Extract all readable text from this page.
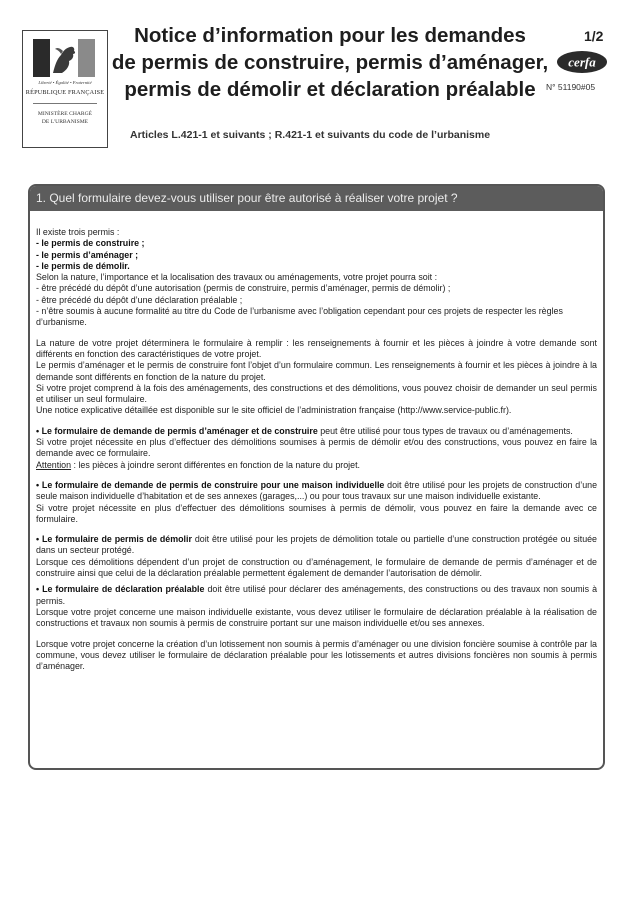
Liberté • Égalité • Fraternité
RÉPUBLIQUE FRANÇAISE
MINISTÈRE CHARGÉ
DE L'URBANISME
Notice d’information pour les demandes
de permis de construire, permis d’aménager,
permis de démolir et déclaration préalable
1/2
cerfa
N° 51190#05
Articles L.421-1 et suivants ; R.421-1 et suivants du code de l’urbanisme
1. Quel formulaire devez-vous utiliser pour être autorisé à réaliser votre projet ?

Il existe trois permis :
- le permis de construire ;
- le permis d’aménager ;
- le permis de démolir.
Selon la nature, l’importance et la localisation des travaux ou aménagements, votre projet pourra soit :
- être précédé du dépôt d’une autorisation (permis de construire, permis d’aménager, permis de démolir) ;
- être précédé du dépôt d’une déclaration préalable ;
- n’être soumis à aucune formalité au titre du Code de l’urbanisme avec l’obligation cependant pour ces projets de respecter les règles d’urbanisme.

La nature de votre projet déterminera le formulaire à remplir : les renseignements à fournir et les pièces à joindre à votre demande sont différents en fonction des caractéristiques de votre projet.
Le permis d’aménager et le permis de construire font l’objet d’un formulaire commun. Les renseignements à fournir et les pièces à joindre à la demande sont différents en fonction de la nature du projet.
Si votre projet comprend à la fois des aménagements, des constructions et des démolitions, vous pouvez choisir de demander un seul permis et utiliser un seul formulaire.
Une notice explicative détaillée est disponible sur le site officiel de l’administration française (http://www.service-public.fr).

• Le formulaire de demande de permis d’aménager et de construire peut être utilisé pour tous types de travaux ou d’aménagements.
Si votre projet nécessite en plus d’effectuer des démolitions soumises à permis de démolir et/ou des constructions, vous pouvez en faire la demande avec ce formulaire.
Attention : les pièces à joindre seront différentes en fonction de la nature du projet.

• Le formulaire de demande de permis de construire pour une maison individuelle doit être utilisé pour les projets de construction d’une seule maison individuelle d’habitation et de ses annexes (garages,...) ou pour tous travaux sur une maison individuelle existante.
Si votre projet nécessite en plus d’effectuer des démolitions soumises à permis de démolir, vous pouvez en faire la demande avec ce formulaire.

• Le formulaire de permis de démolir doit être utilisé pour les projets de démolition totale ou partielle d’une construction protégée ou située dans un secteur protégé.
Lorsque ces démolitions dépendent d’un projet de construction ou d’aménagement, le formulaire de demande de permis d’aménager et de construire ainsi que celui de la déclaration préalable permettent également de demander l’autorisation de démolir.

• Le formulaire de déclaration préalable doit être utilisé pour déclarer des aménagements, des constructions ou des travaux non soumis à permis.
Lorsque votre projet concerne une maison individuelle existante, vous devez utiliser le formulaire de déclaration préalable à la réalisation de constructions et travaux non soumis à permis de construire portant sur une maison individuelle et/ou ses annexes.

Lorsque votre projet concerne la création d’un lotissement non soumis à permis d’aménager ou une division foncière soumise à contrôle par la commune, vous devez utiliser le formulaire de déclaration préalable pour les lotissements et autres divisions foncières non soumis à permis d’aménager.
